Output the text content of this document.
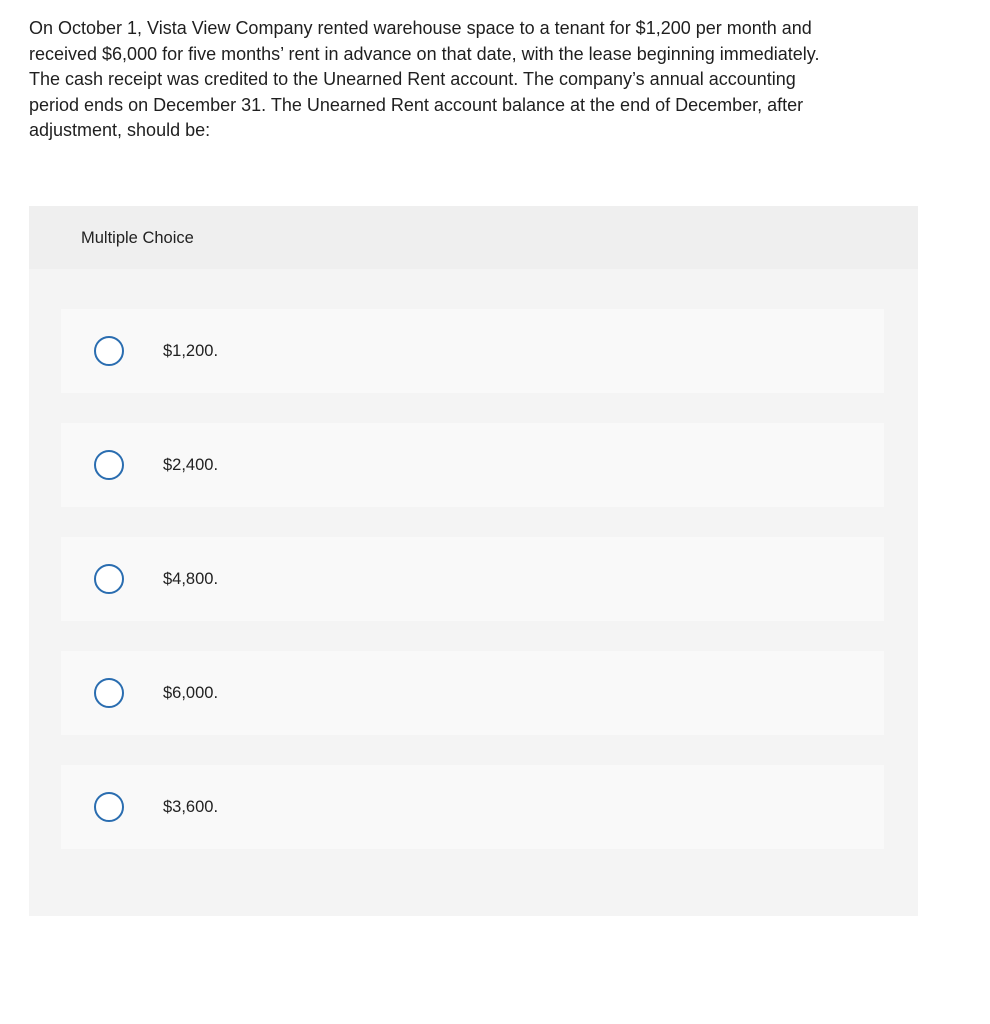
On October 1, Vista View Company rented warehouse space to a tenant for $1,200 per month and

received $6,000 for five months’ rent in advance on that date, with the lease beginning immediately.

The cash receipt was credited to the Unearned Rent account. The company’s annual accounting

period ends on December 31. The Unearned Rent account balance at the end of December, after

adjustment, should be:

Multiple Choice
$1,200.
$2,400.
$4,800.
$6,000.
$3,600.
